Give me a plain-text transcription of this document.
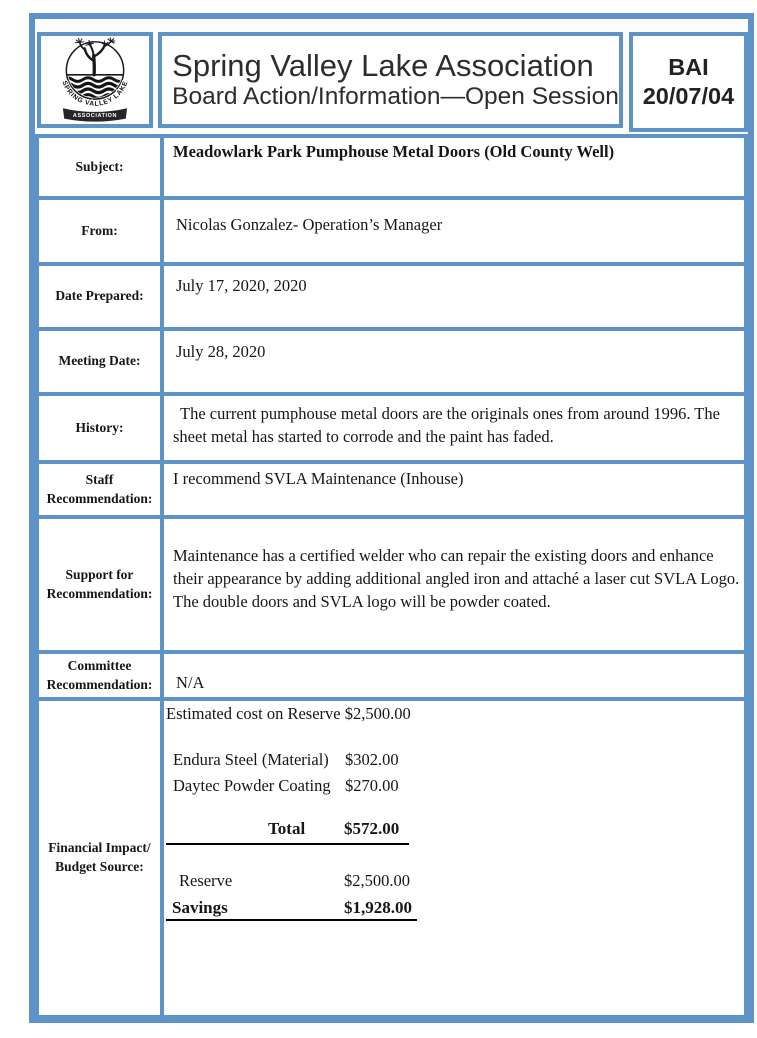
SPRING VALLEY LAKE
ASSOCIATION
Spring Valley Lake Association
Board Action/Information—Open Session
BAI
20/07/04
Subject:	Meadowlark Park Pumphouse Metal Doors (Old County Well)
From:	Nicolas Gonzalez- Operation’s Manager
Date Prepared:	July 17, 2020, 2020
Meeting Date:	July 28, 2020
History:	The current pumphouse metal doors are the originals ones from around 1996. The sheet metal has started to corrode and the paint has faded.
Staff Recommendation:	I recommend SVLA Maintenance (Inhouse)
Support for Recommendation:	Maintenance has a certified welder who can repair the existing doors and enhance their appearance by adding additional angled iron and attaché a laser cut SVLA Logo. The double doors and SVLA logo will be powder coated.
Committee Recommendation:	N/A
Financial Impact/ Budget Source:	
Estimated cost on Reserve $2,500.00
Endura Steel (Material) $302.00
Daytec Powder Coating $270.00
Total $572.00
Reserve	$2,500.00
Savings	$1,928.00
